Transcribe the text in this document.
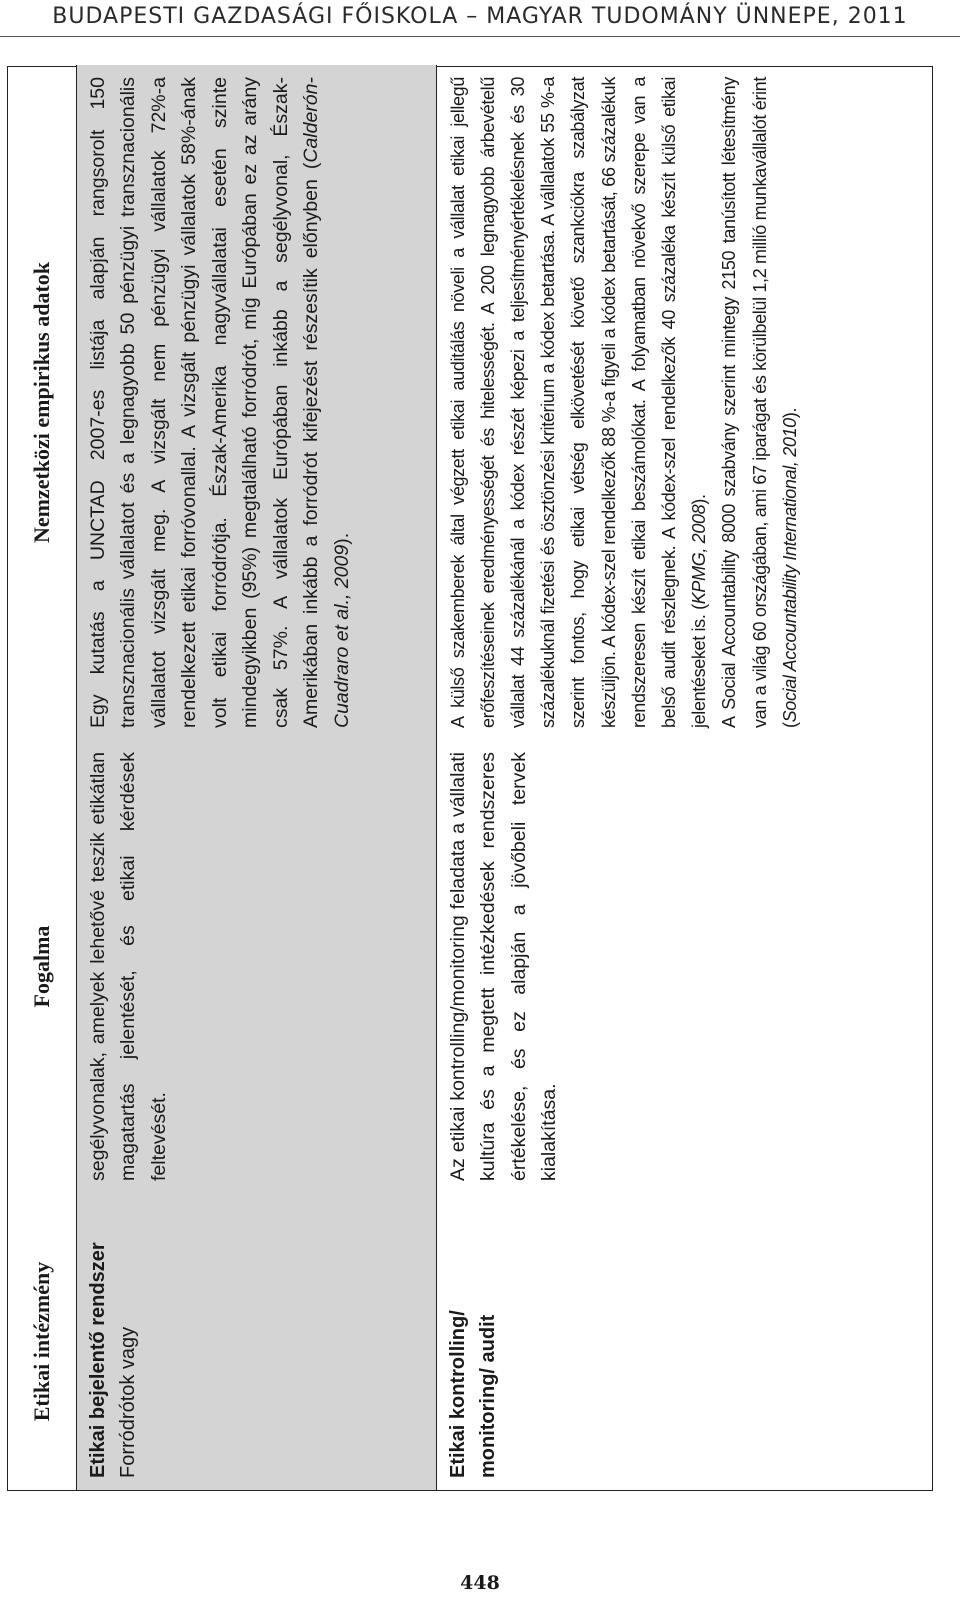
BUDAPESTI GAZDASÁGI FŐISKOLA – MAGYAR TUDOMÁNY ÜNNEPE, 2011
Etikai intézmény	Fogalma	Nemzetközi empirikus adatok

Etikai bejelentő rendszer Forródrótok vagy	segélyvonalak, amelyek lehetővé teszik etikátlan magatartás jelentését, és etikai kérdések feltevését.	Egy kutatás a UNCTAD 2007-es listája alapján rangsorolt 150 transznacionális vállalatot és a legnagyobb 50 pénzügyi transznacionális vállalatot vizsgált meg. A vizsgált nem pénzügyi vállalatok 72%-a rendelkezett etikai forróvonallal. A vizsgált pénzügyi vállalatok 58%-ának volt etikai forródrótja. Észak-Amerika nagyvállalatai esetén szinte mindegyikben (95%) megtalálható forródrót, míg Európában ez az arány csak 57%. A vállalatok Európában inkább a segélyvonal, Észak-Amerikában inkább a forródrót kifejezést részesítik előnyben (Calderón-Cuadraro et al., 2009).

Etikai kontrolling/ monitoring/ audit	Az etikai kontrolling/monitoring feladata a vállalati kultúra és a megtett intézkedések rendszeres értékelése, és ez alapján a jövőbeli tervek kialakítása.	A külső szakemberek által végzett etikai auditálás növeli a vállalat etikai jellegű erőfeszítéseinek eredményességét és hitelességét. A 200 legnagyobb árbevételű vállalat 44 százalékánál a kódex részét képezi a teljesítményértékelésnek és 30 százalékuknál fizetési és ösztönzési kritérium a kódex betartása. A vállalatok 55 %-a szerint fontos, hogy etikai vétség elkövetését követő szankciókra szabályzat készüljön. A kódex-szel rendelkezők 88 %-a figyeli a kódex betartását, 66 százalékuk rendszeresen készít etikai beszámolókat. A folyamatban növekvő szerepe van a belső audit részlegnek. A kódex-szel rendelkezők 40 százaléka készít külső etikai jelentéseket is. (KPMG, 2008). A Social Accountability 8000 szabvány szerint mintegy 2150 tanúsított létesítmény van a világ 60 országában, ami 67 iparágat és körülbelül 1,2 millió munkavállalót érint (Social Accountability International, 2010).
448
